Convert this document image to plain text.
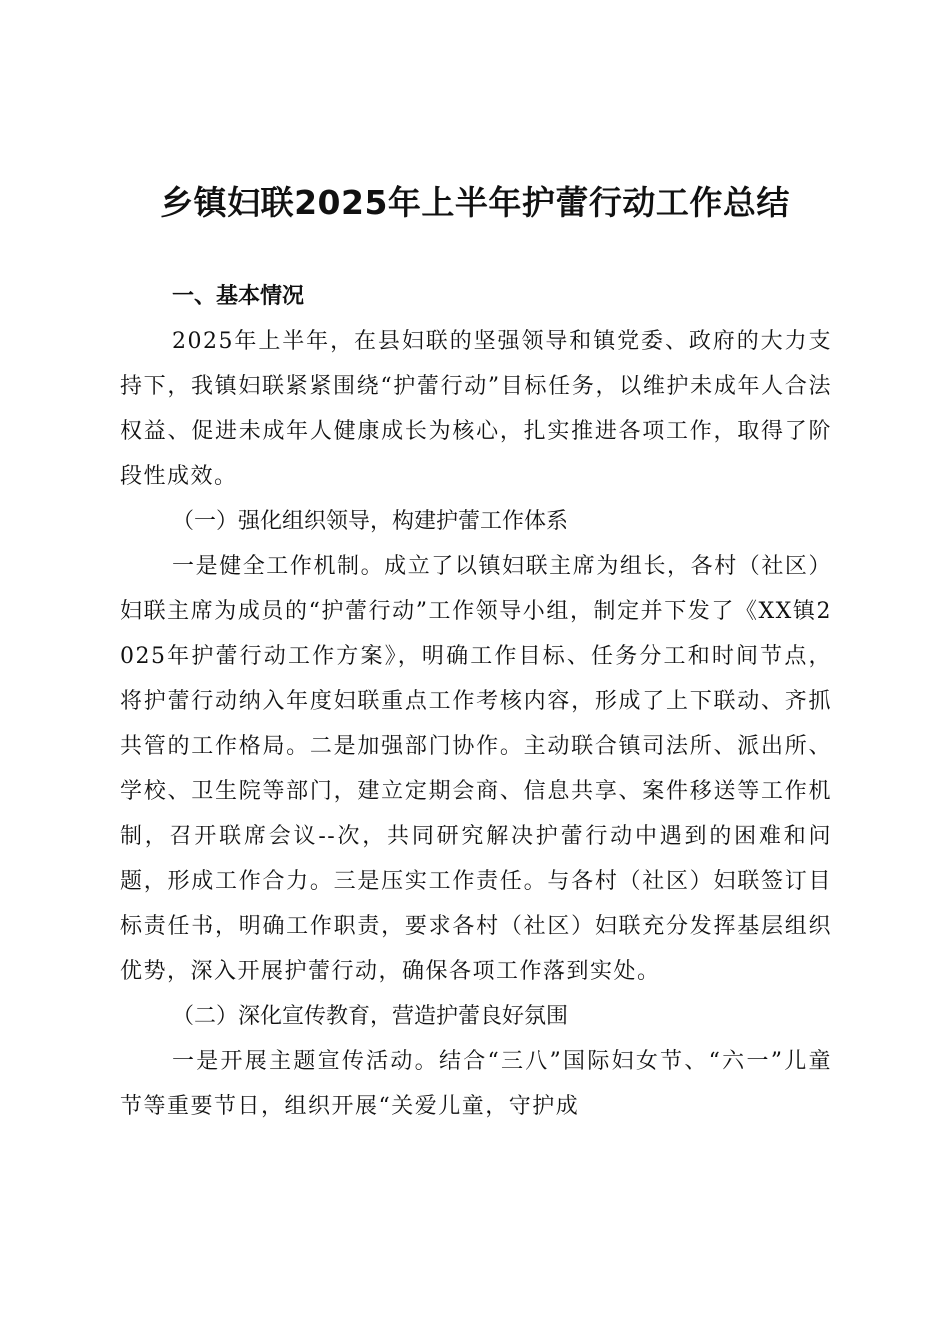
乡镇妇联2025年上半年护蕾行动工作总结
一、基本情况

2025年上半年，在县妇联的坚强领导和镇党委、政府的大力支持下，我镇妇联紧紧围绕“护蕾行动”目标任务，以维护未成年人合法权益、促进未成年人健康成长为核心，扎实推进各项工作，取得了阶段性成效。

（一）强化组织领导，构建护蕾工作体系

一是健全工作机制。成立了以镇妇联主席为组长，各村（社区）妇联主席为成员的“护蕾行动”工作领导小组，制定并下发了《XX镇2025年护蕾行动工作方案》，明确工作目标、任务分工和时间节点，将护蕾行动纳入年度妇联重点工作考核内容，形成了上下联动、齐抓共管的工作格局。二是加强部门协作。主动联合镇司法所、派出所、学校、卫生院等部门，建立定期会商、信息共享、案件移送等工作机制，召开联席会议--次，共同研究解决护蕾行动中遇到的困难和问题，形成工作合力。三是压实工作责任。与各村（社区）妇联签订目标责任书，明确工作职责，要求各村（社区）妇联充分发挥基层组织优势，深入开展护蕾行动，确保各项工作落到实处。

（二）深化宣传教育，营造护蕾良好氛围

一是开展主题宣传活动。结合“三八”国际妇女节、“六一”儿童节等重要节日，组织开展“关爱儿童，守护成
